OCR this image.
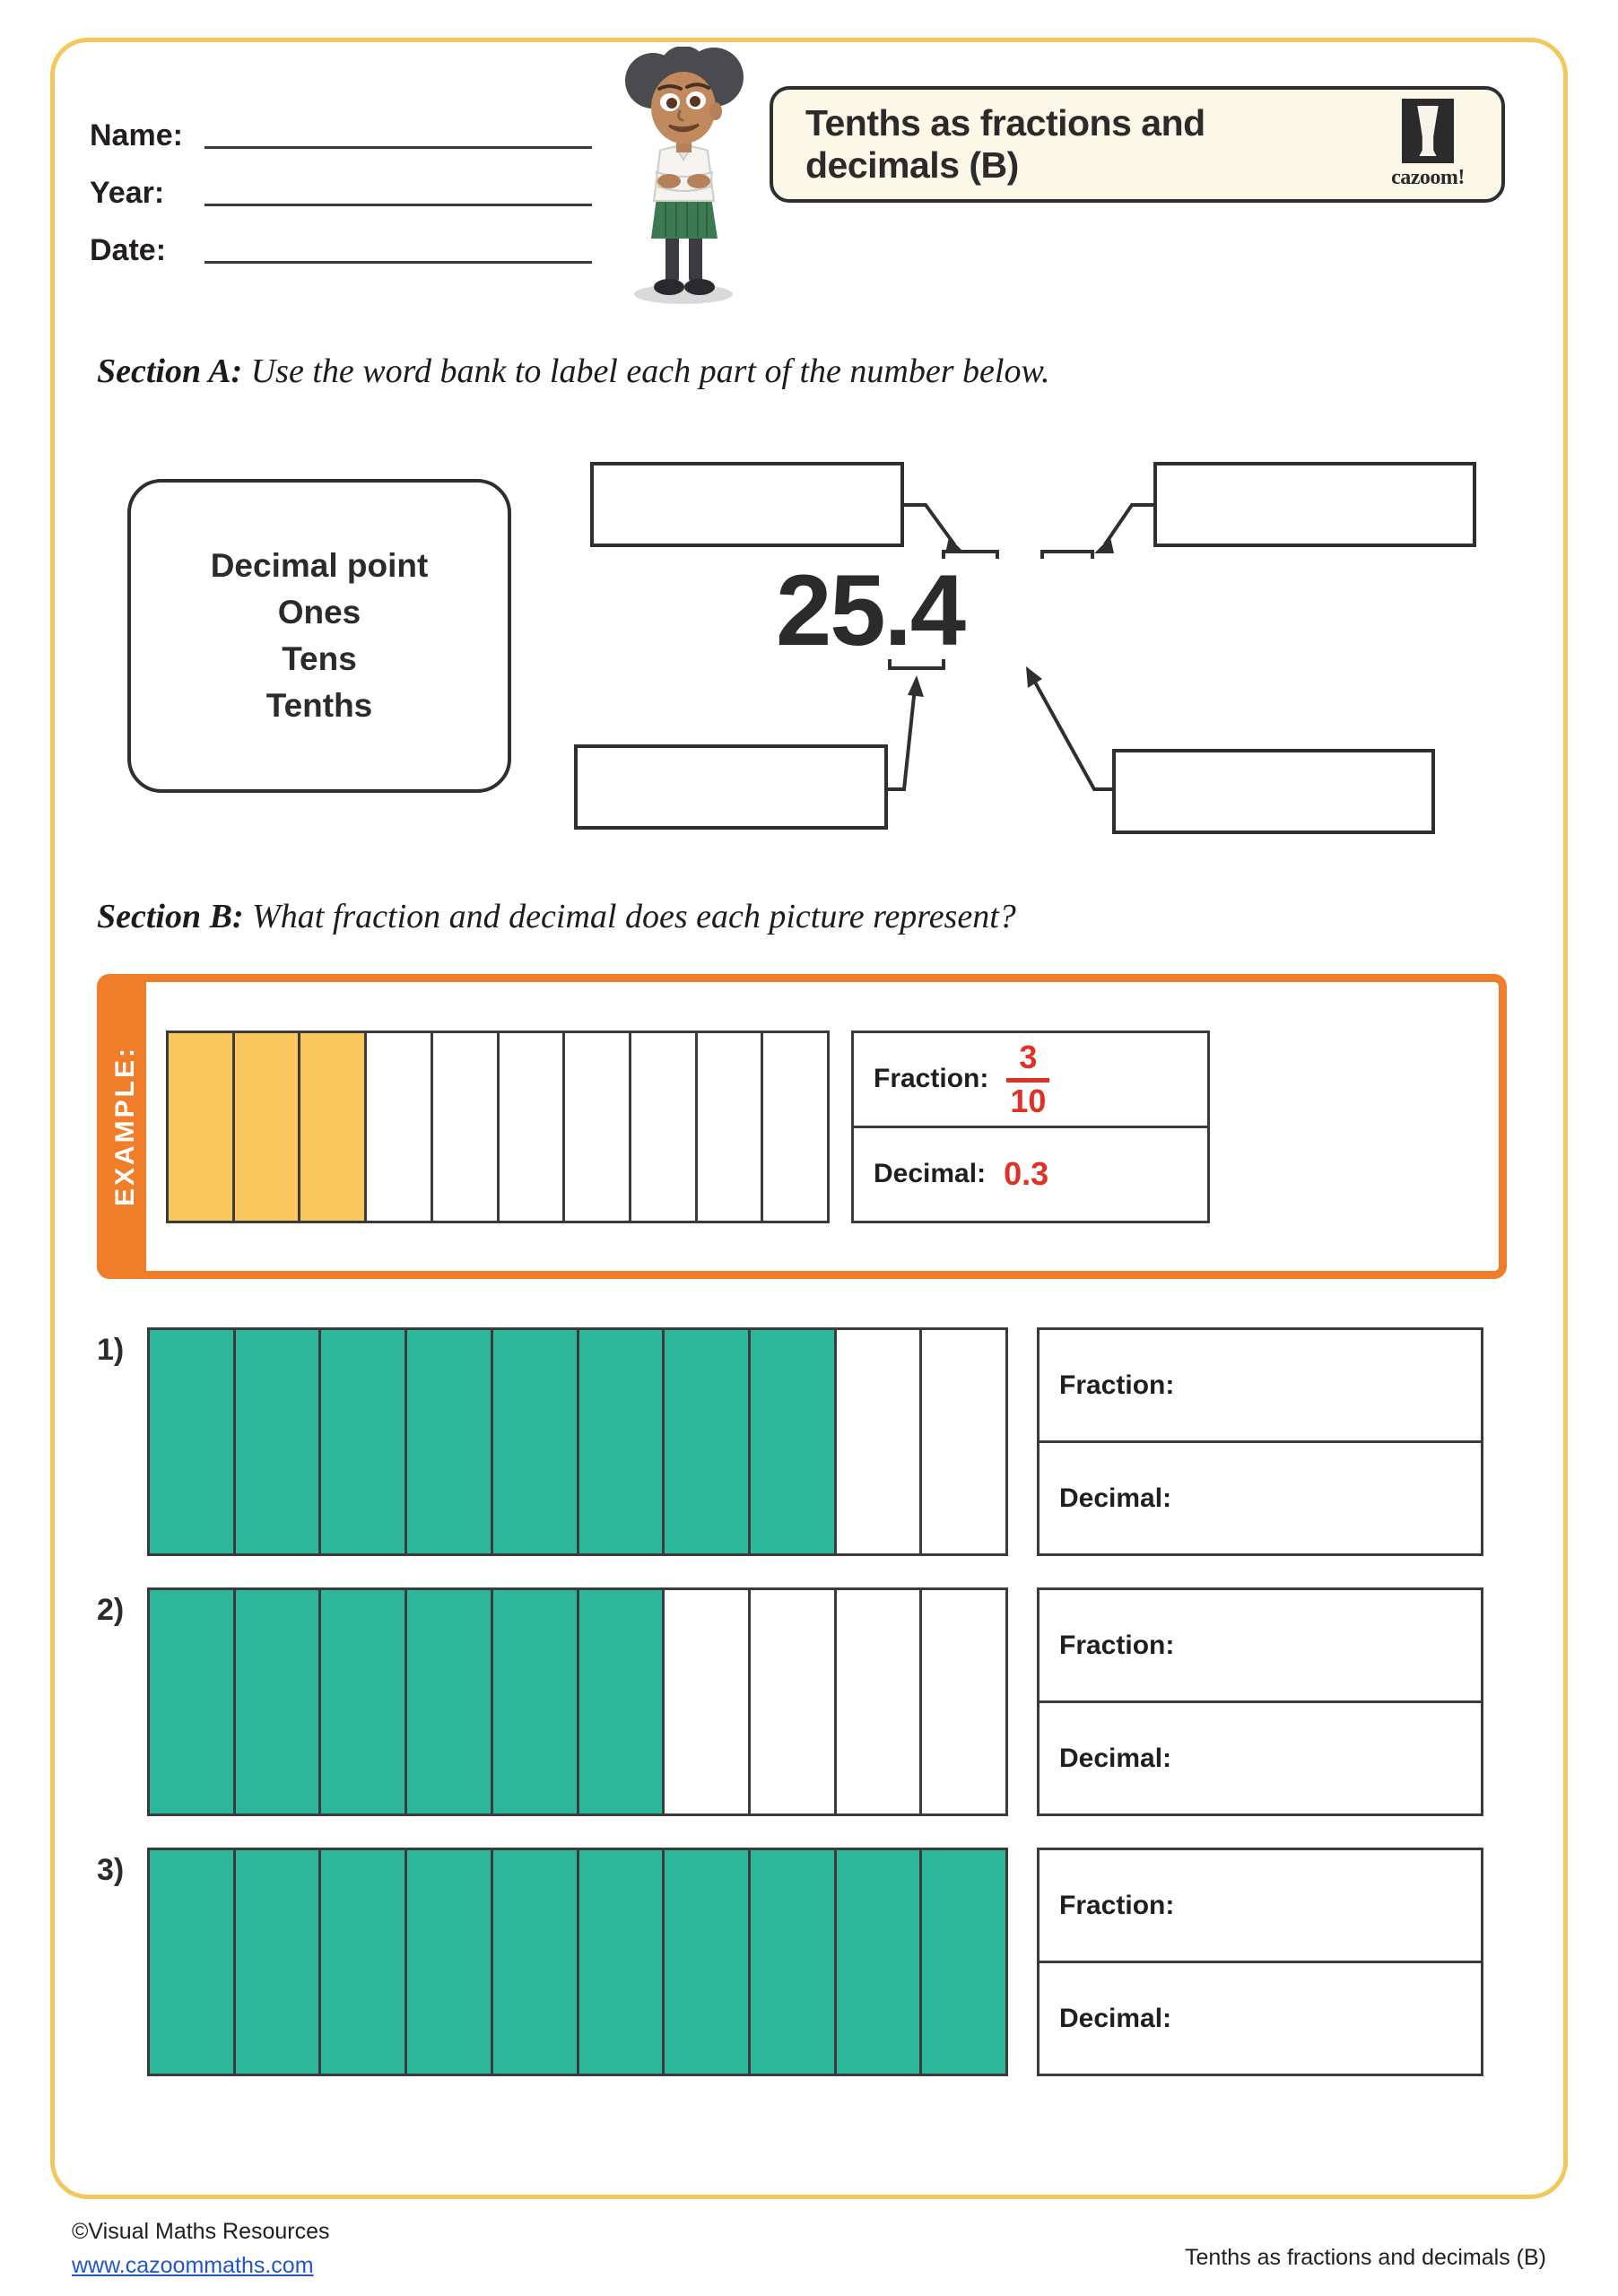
Name:
Year:
Date:
Tenths as fractions and decimals (B)	cazoom!
Section A: Use the word bank to label each part of the number below.
Decimal point
Ones
Tens
Tenths
25.4
Section B: What fraction and decimal does each picture represent?
EXAMPLE:	Fraction:
3
10
Decimal: 0.3
1)
Fraction:
Decimal:
2)
Fraction:
Decimal:
3)
Fraction:
Decimal:
©Visual Maths Resources
www.cazoommaths.com	Tenths as fractions and decimals (B)
